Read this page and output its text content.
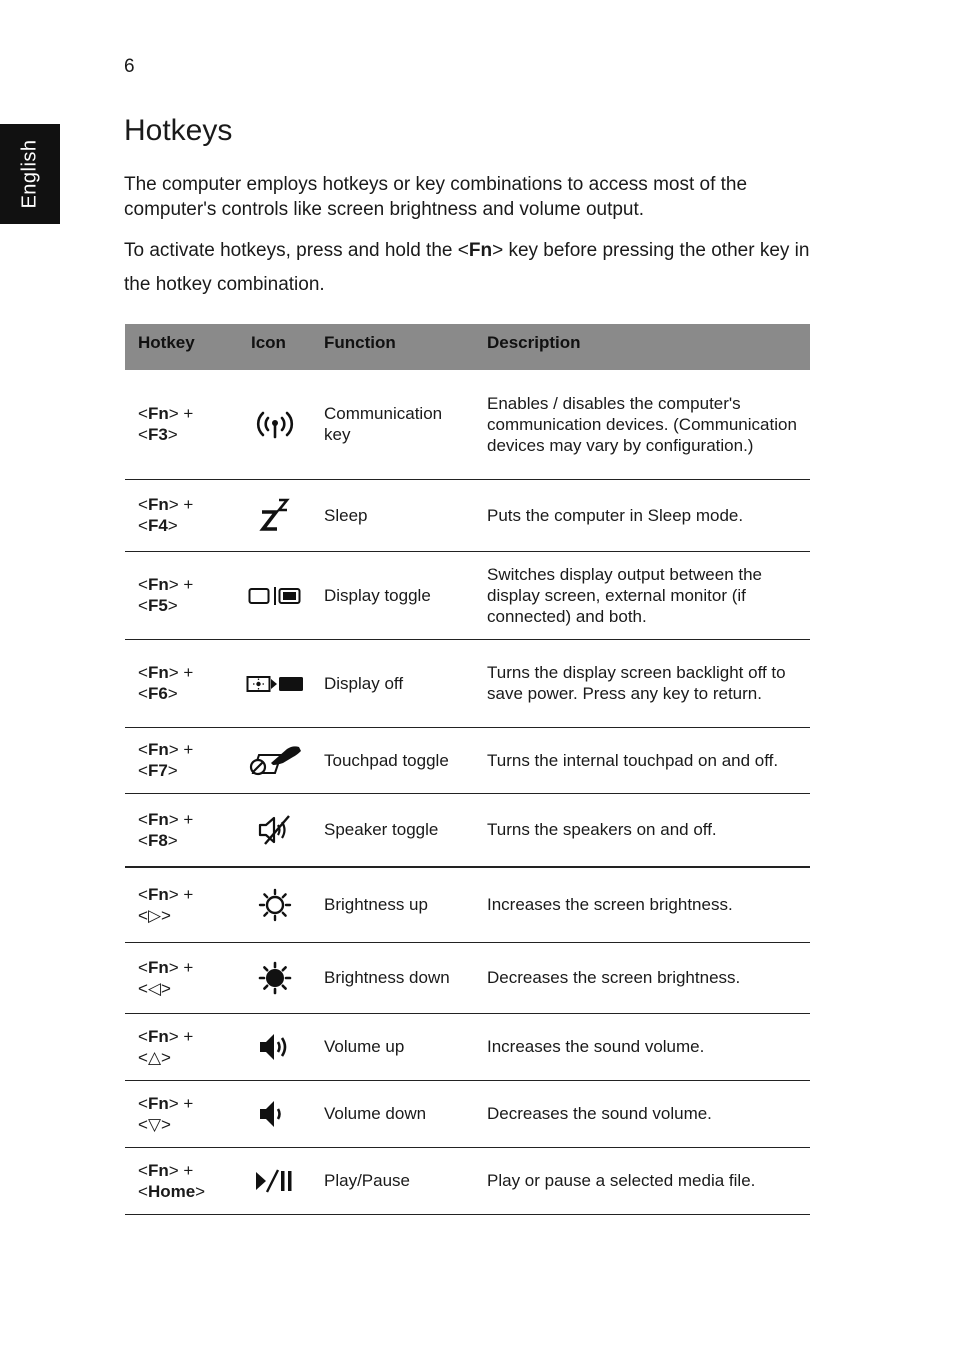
6
English
Hotkeys

The computer employs hotkeys or key combinations to access most of the computer's controls like screen brightness and volume output.

To activate hotkeys, press and hold the <Fn> key before pressing the other key in the hotkey combination.

Hotkey	Icon	Function	Description
<Fn> +
<F3>		Communication key	Enables / disables the computer's communication devices. (Communication devices may vary by configuration.)
<Fn> +
<F4>		Sleep	Puts the computer in Sleep mode.
<Fn> +
<F5>		Display toggle	Switches display output between the display screen, external monitor (if connected) and both.
<Fn> +
<F6>		Display off	Turns the display screen backlight off to save power. Press any key to return.
<Fn> +
<F7>		Touchpad toggle	Turns the internal touchpad on and off.
<Fn> +
<F8>		Speaker toggle	Turns the speakers on and off.
<Fn> +
<▷>		Brightness up	Increases the screen brightness.
<Fn> +
<◁>		Brightness down	Decreases the screen brightness.
<Fn> +
<△>		Volume up	Increases the sound volume.
<Fn> +
<▽>		Volume down	Decreases the sound volume.
<Fn> +
<Home>		Play/Pause	Play or pause a selected media file.
